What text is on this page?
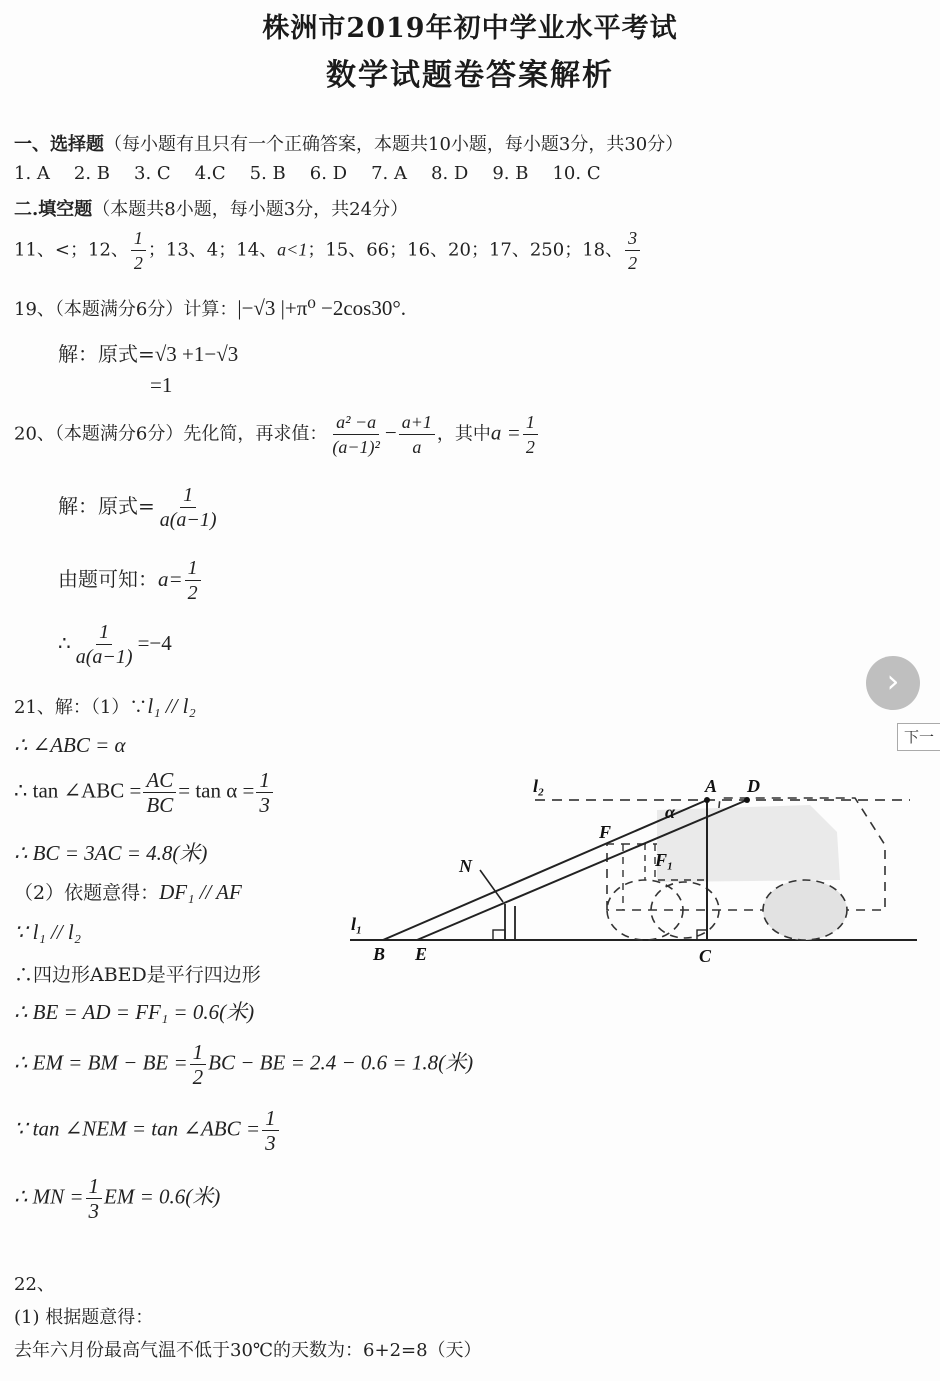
株洲市2019年初中学业水平考试
数学试题卷答案解析
一、选择题（每小题有且只有一个正确答案，本题共10小题，每小题3分，共30分）
1. A 2. B 3. C 4.C 5. B 6. D 7. A 8. D 9. B 10. C
二.填空题（本题共8小题，每小题3分，共24分）
11、<；12、 $\frac{1}{2}$ ；13、4；14、a<1；15、66；16、20；17、250；18、 $\frac{3}{2}$
19、（本题满分6分）计算：|−√3 |+π⁰ −2cos30°.
解：原式=√3 +1−√3
=1
20、（本题满分6分）先化简，再求值： $\frac{\text{a² −a}}{\text{(a−1)²}} - \frac{a+1}{a}$ ，其中$a = \frac{1}{2}$
解：原式= $\frac{1}{a(a-1)}$
由题可知：$a= \frac{1}{2}$
∴ $\frac{1}{a(a-1)} =-4$
21、解：（1）∵l₁ // l₂
∴ ∠ABC = α
∴ tan ∠ABC = $\frac{AC}{BC} = \tan \alpha = \frac{1}{3}$
∴ BC = 3AC = 4.8(米)
（2）依题意得：DF₁ // AF
∵ l₁ // l₂
∴四边形ABED是平行四边形
∴ BE = AD = FF₁ = 0.6(米)
∴ EM = BM − BE = $\frac{1}{2}$ BC − BE = 2.4 − 0.6 = 1.8(米)
∵ tan ∠NEM = tan ∠ABC = $\frac{1}{3}$
∴ MN = $\frac{1}{3}$ EM = 0.6(米)
22、
(1) 根据题意得：
去年六月份最高气温不低于30℃的天数为：6+2=8（天）
l₁
l₂
B E	C
A D
F
F₁
N
α
›
下一
